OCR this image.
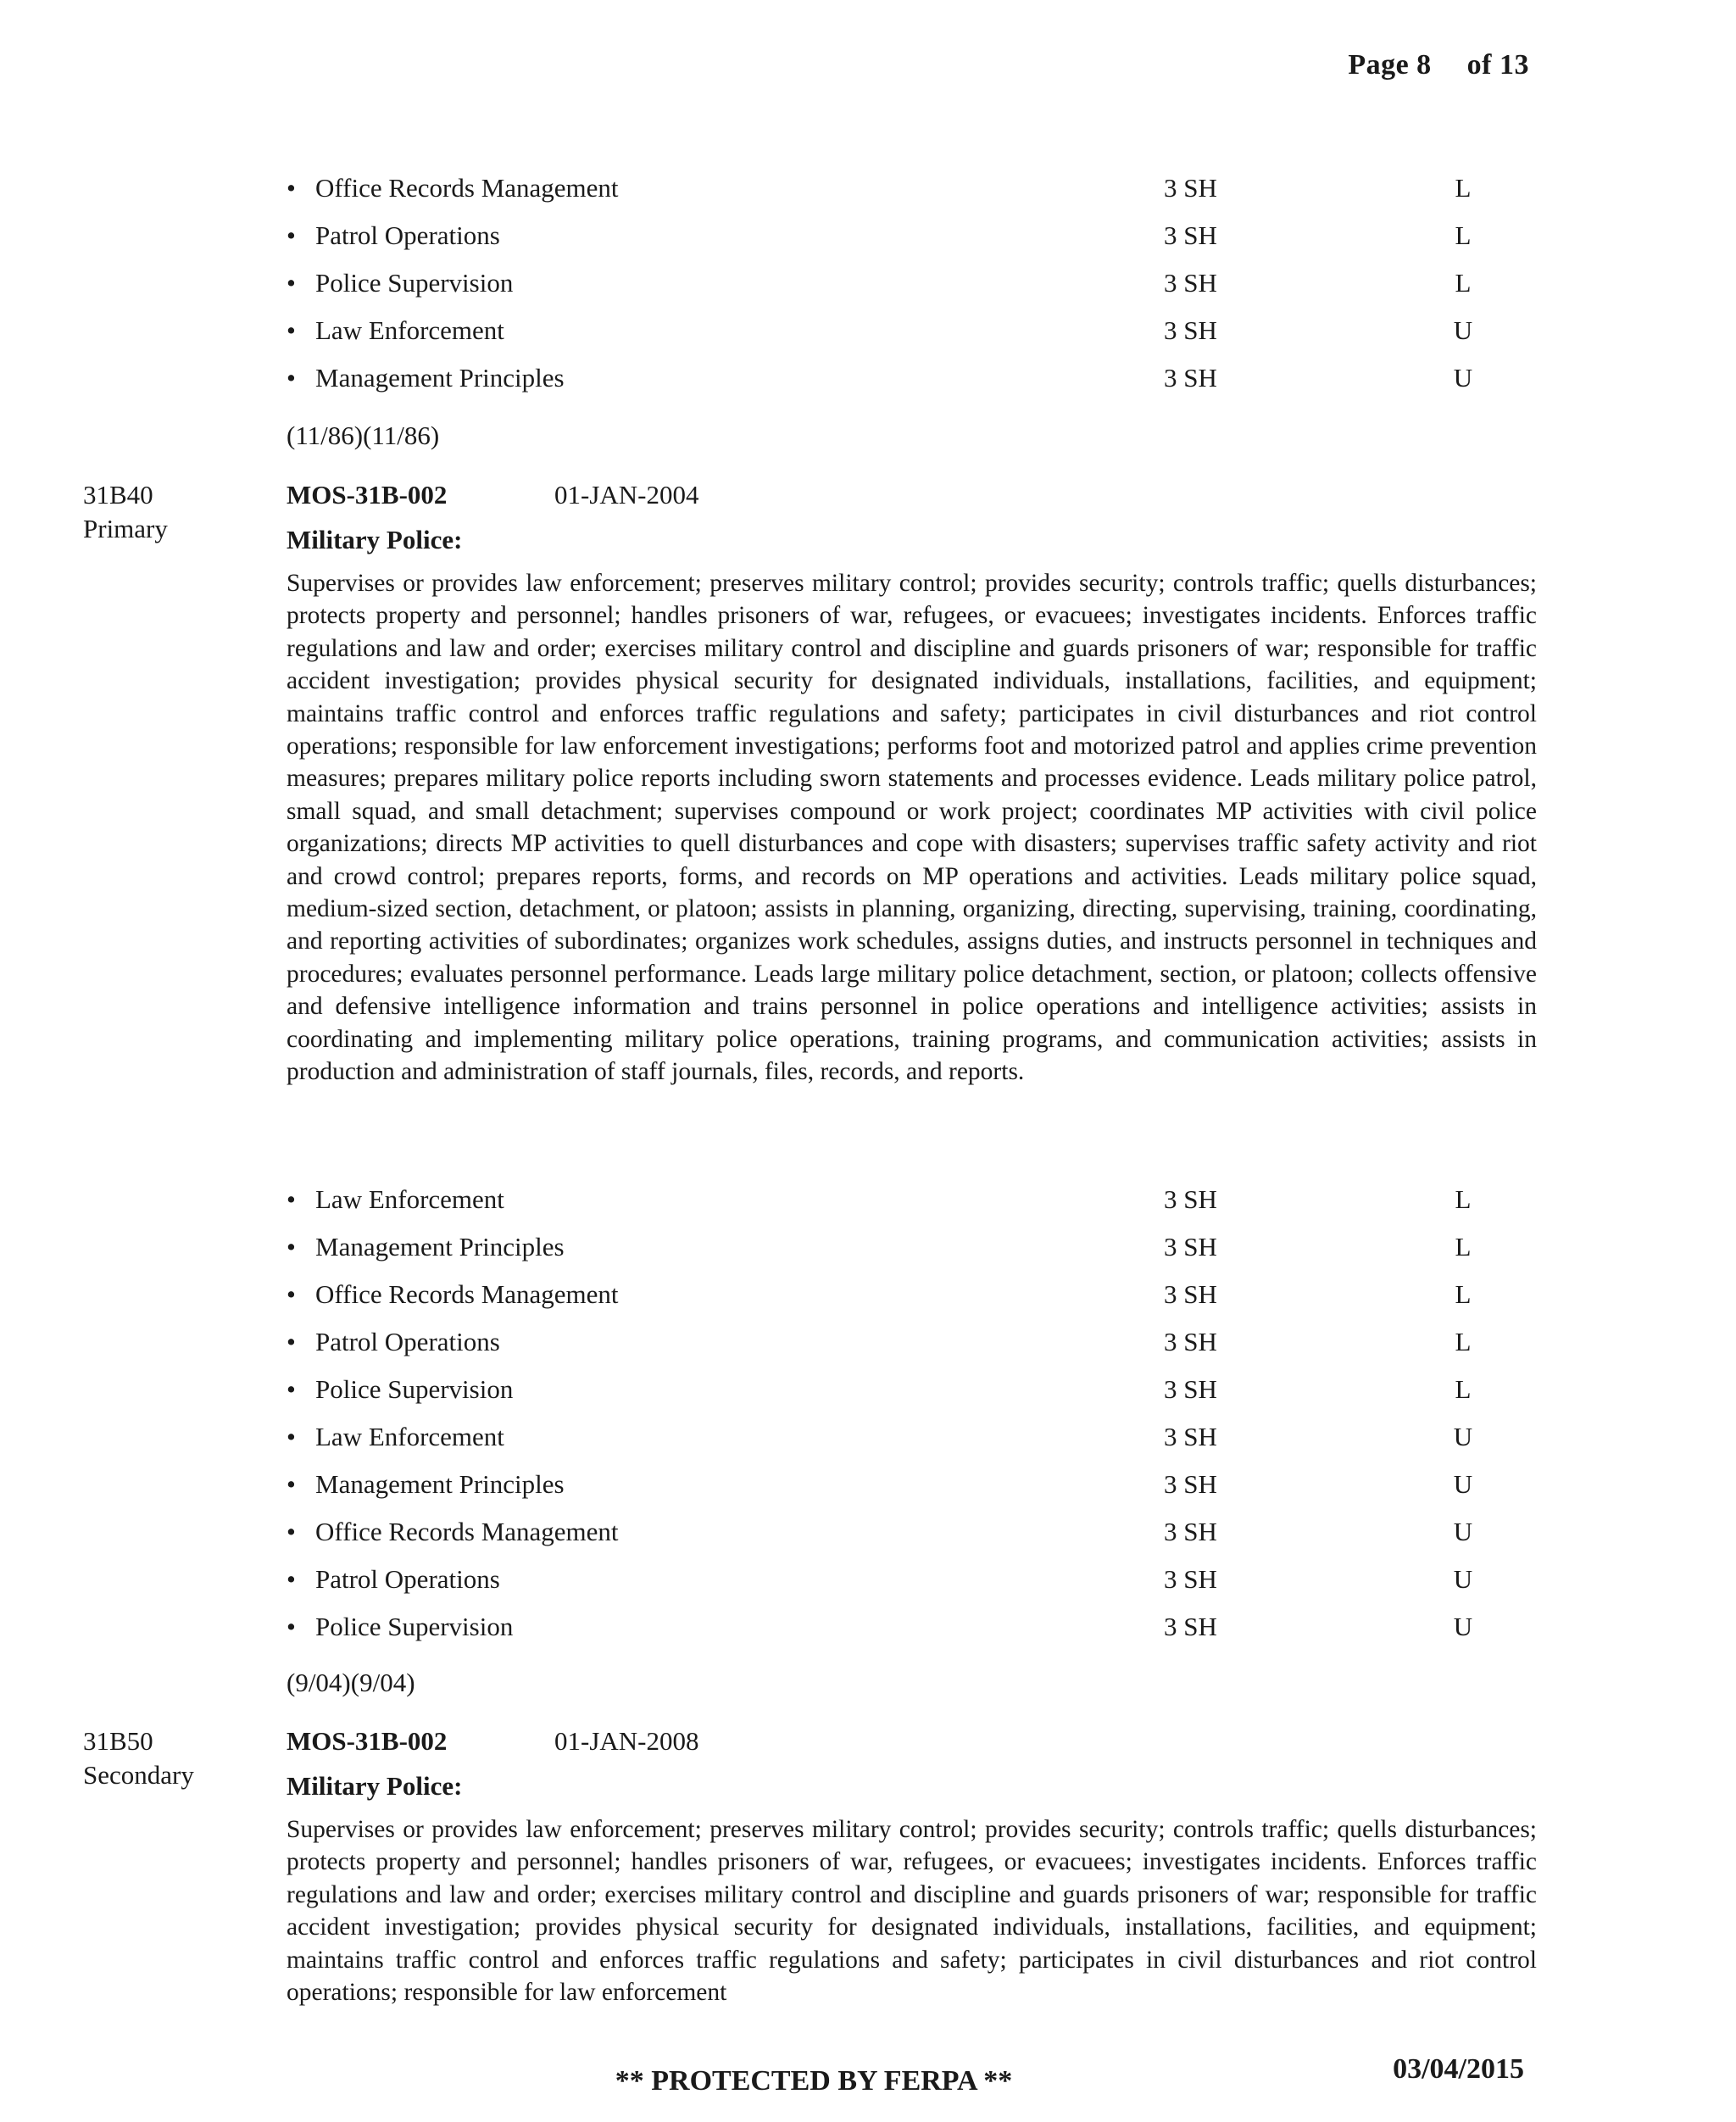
Page 8 of 13
• Office Records Management	3 SH	L
• Patrol Operations	3 SH	L
• Police Supervision	3 SH	L
• Law Enforcement	3 SH	U
• Management Principles	3 SH	U
(11/86)(11/86)
31B40
Primary
MOS-31B-002	01-JAN-2004
Military Police:
Supervises or provides law enforcement; preserves military control; provides security; controls traffic; quells disturbances; protects property and personnel; handles prisoners of war, refugees, or evacuees; investigates incidents. Enforces traffic regulations and law and order; exercises military control and discipline and guards prisoners of war; responsible for traffic accident investigation; provides physical security for designated individuals, installations, facilities, and equipment; maintains traffic control and enforces traffic regulations and safety; participates in civil disturbances and riot control operations; responsible for law enforcement investigations; performs foot and motorized patrol and applies crime prevention measures; prepares military police reports including sworn statements and processes evidence. Leads military police patrol, small squad, and small detachment; supervises compound or work project; coordinates MP activities with civil police organizations; directs MP activities to quell disturbances and cope with disasters; supervises traffic safety activity and riot and crowd control; prepares reports, forms, and records on MP operations and activities. Leads military police squad, medium-sized section, detachment, or platoon; assists in planning, organizing, directing, supervising, training, coordinating, and reporting activities of subordinates; organizes work schedules, assigns duties, and instructs personnel in techniques and procedures; evaluates personnel performance. Leads large military police detachment, section, or platoon; collects offensive and defensive intelligence information and trains personnel in police operations and intelligence activities; assists in coordinating and implementing military police operations, training programs, and communication activities; assists in production and administration of staff journals, files, records, and reports.
• Law Enforcement	3 SH	L
• Management Principles	3 SH	L
• Office Records Management	3 SH	L
• Patrol Operations	3 SH	L
• Police Supervision	3 SH	L
• Law Enforcement	3 SH	U
• Management Principles	3 SH	U
• Office Records Management	3 SH	U
• Patrol Operations	3 SH	U
• Police Supervision	3 SH	U
(9/04)(9/04)
31B50
Secondary
MOS-31B-002	01-JAN-2008
Military Police:
Supervises or provides law enforcement; preserves military control; provides security; controls traffic; quells disturbances; protects property and personnel; handles prisoners of war, refugees, or evacuees; investigates incidents. Enforces traffic regulations and law and order; exercises military control and discipline and guards prisoners of war; responsible for traffic accident investigation; provides physical security for designated individuals, installations, facilities, and equipment; maintains traffic control and enforces traffic regulations and safety; participates in civil disturbances and riot control operations; responsible for law enforcement
03/04/2015
** PROTECTED BY FERPA **
